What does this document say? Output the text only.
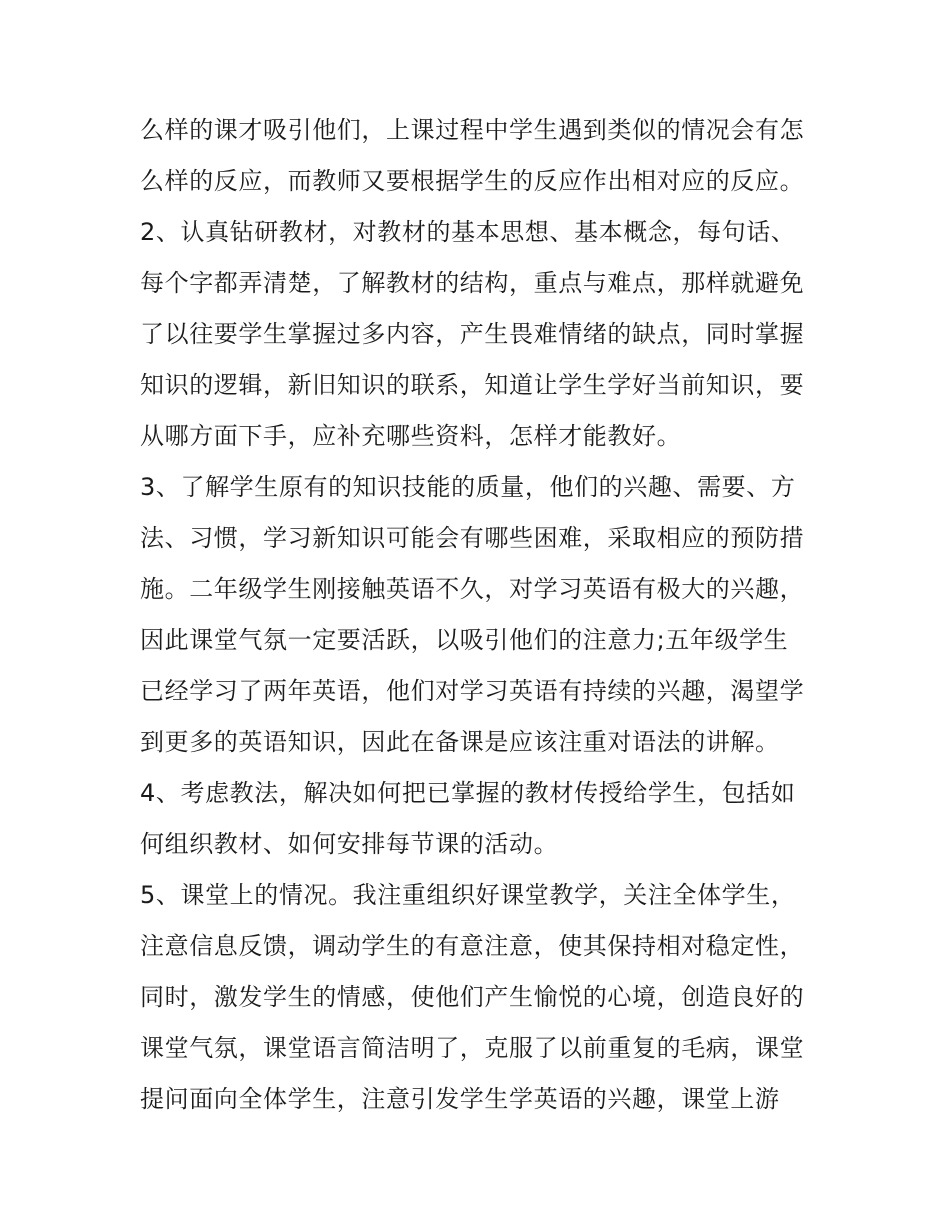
么样的课才吸引他们，上课过程中学生遇到类似的情况会有怎
么样的反应，而教师又要根据学生的反应作出相对应的反应。
2、认真钻研教材，对教材的基本思想、基本概念，每句话、
每个字都弄清楚，了解教材的结构，重点与难点，那样就避免
了以往要学生掌握过多内容，产生畏难情绪的缺点，同时掌握
知识的逻辑，新旧知识的联系，知道让学生学好当前知识，要
从哪方面下手，应补充哪些资料，怎样才能教好。
3、了解学生原有的知识技能的质量，他们的兴趣、需要、方
法、习惯，学习新知识可能会有哪些困难，采取相应的预防措
施。二年级学生刚接触英语不久，对学习英语有极大的兴趣，
因此课堂气氛一定要活跃，以吸引他们的注意力;五年级学生
已经学习了两年英语，他们对学习英语有持续的兴趣，渴望学
到更多的英语知识，因此在备课是应该注重对语法的讲解。
4、考虑教法，解决如何把已掌握的教材传授给学生，包括如
何组织教材、如何安排每节课的活动。
5、课堂上的情况。我注重组织好课堂教学，关注全体学生，
注意信息反馈，调动学生的有意注意，使其保持相对稳定性，
同时，激发学生的情感，使他们产生愉悦的心境，创造良好的
课堂气氛，课堂语言简洁明了，克服了以前重复的毛病，课堂
提问面向全体学生，注意引发学生学英语的兴趣，课堂上游
